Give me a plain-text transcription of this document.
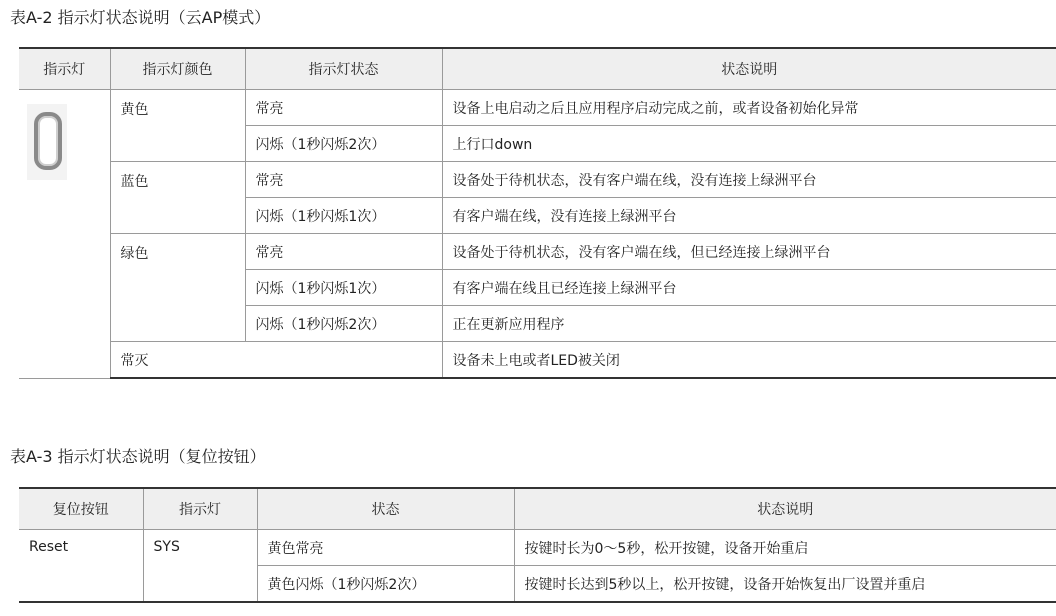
表A-2 指示灯状态说明（云AP模式）
指示灯	指示灯颜色	指示灯状态	状态说明

	黄色	常亮	设备上电启动之后且应用程序启动完成之前，或者设备初始化异常
		闪烁（1秒闪烁2次）	上行口down
	蓝色	常亮	设备处于待机状态，没有客户端在线，没有连接上绿洲平台
		闪烁（1秒闪烁1次）	有客户端在线，没有连接上绿洲平台
	绿色	常亮	设备处于待机状态，没有客户端在线，但已经连接上绿洲平台
		闪烁（1秒闪烁1次）	有客户端在线且已经连接上绿洲平台
		闪烁（1秒闪烁2次）	正在更新应用程序
	常灭		设备未上电或者LED被关闭
表A-3 指示灯状态说明（复位按钮）
复位按钮	指示灯	状态	状态说明
Reset	SYS	黄色常亮	按键时长为0～5秒，松开按键，设备开始重启
		黄色闪烁（1秒闪烁2次）	按键时长达到5秒以上，松开按键，设备开始恢复出厂设置并重启
